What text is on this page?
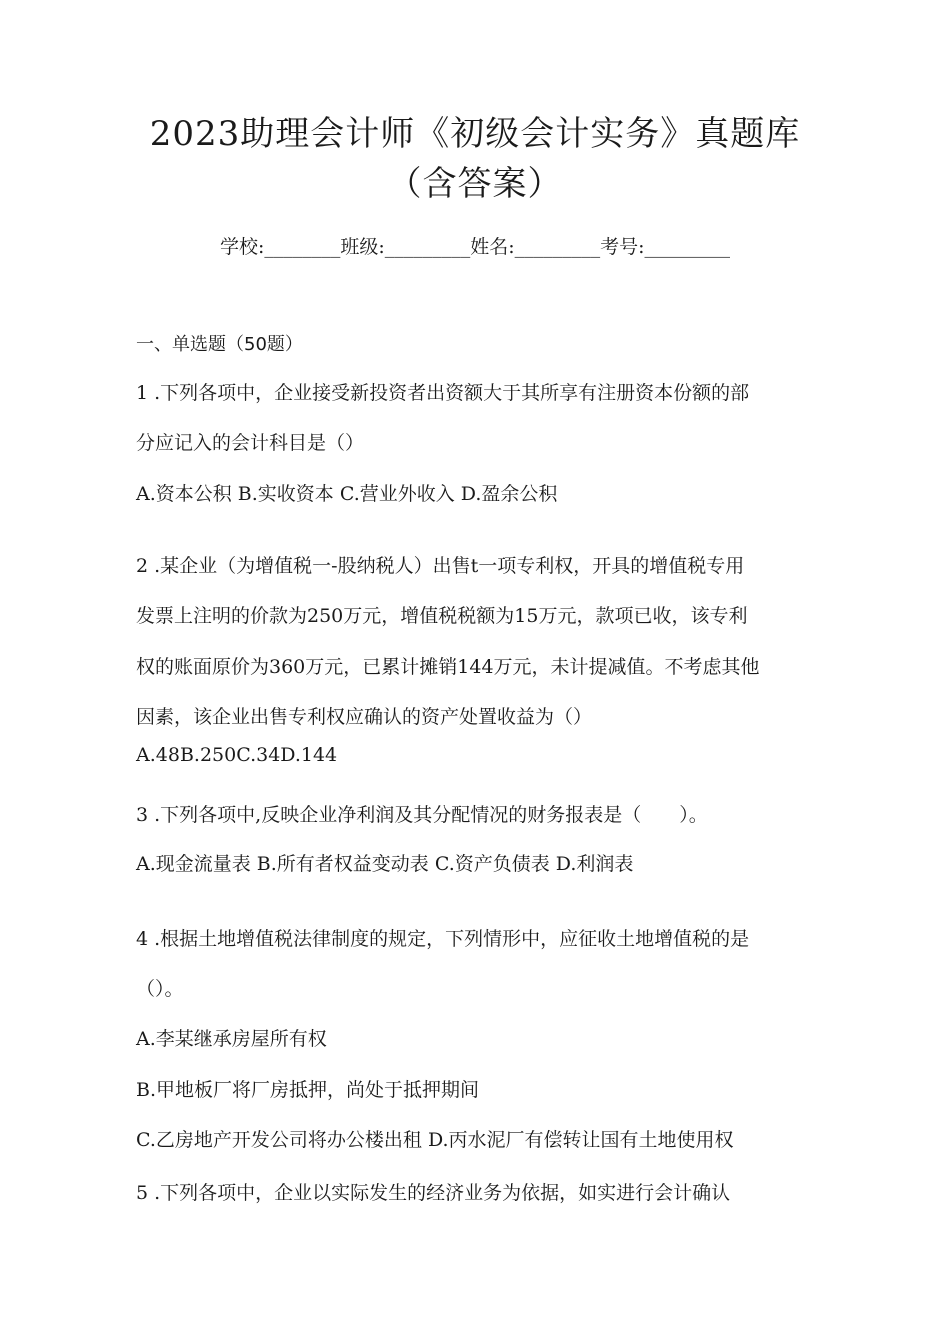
2023助理会计师《初级会计实务》真题库
（含答案）
学校:________班级:_________姓名:_________考号:_________
一、单选题（50题）
1 .下列各项中，企业接受新投资者出资额大于其所享有注册资本份额的部
分应记入的会计科目是（）
A.资本公积 B.实收资本 C.营业外收入 D.盈余公积
2 .某企业（为增值税一-股纳税人）出售t一项专利权，开具的增值税专用
发票上注明的价款为250万元，增值税税额为15万元，款项已收，该专利
权的账面原价为360万元，已累计摊销144万元，未计提减值。不考虑其他
因素，该企业出售专利权应确认的资产处置收益为（）
A.48B.250C.34D.144
3 .下列各项中,反映企业净利润及其分配情况的财务报表是（　　）。
A.现金流量表 B.所有者权益变动表 C.资产负债表 D.利润表
4 .根据土地增值税法律制度的规定，下列情形中，应征收土地增值税的是
（）。
A.李某继承房屋所有权
B.甲地板厂将厂房抵押，尚处于抵押期间
C.乙房地产开发公司将办公楼出租 D.丙水泥厂有偿转让国有土地使用权
5 .下列各项中，企业以实际发生的经济业务为依据，如实进行会计确认
